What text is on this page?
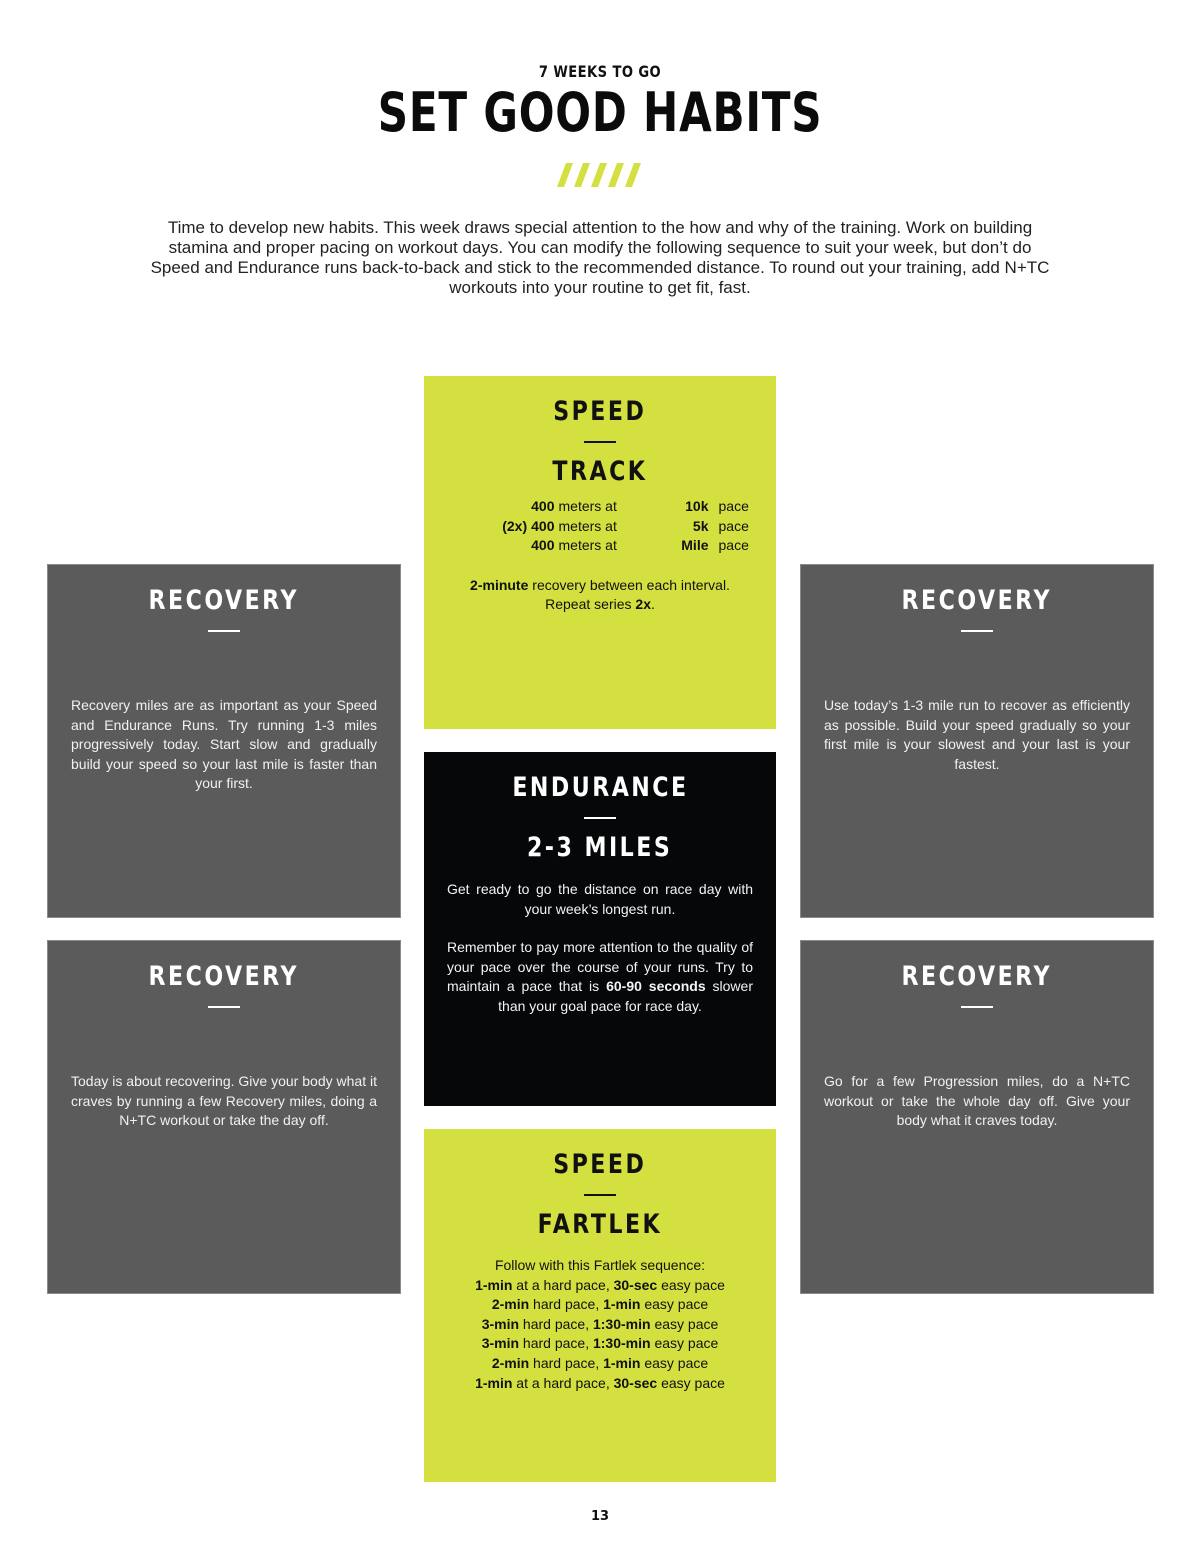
7 WEEKS TO GO
SET GOOD HABITS
Time to develop new habits. This week draws special attention to the how and why of the training. Work on building stamina and proper pacing on workout days. You can modify the following sequence to suit your week, but don’t do Speed and Endurance runs back-to-back and stick to the recommended distance. To round out your training, add N+TC workouts into your routine to get fit, fast.
SPEED
TRACK
	400	meters at	10k	pace
(2x)	400	meters at	5k	pace
	400	meters at	Mile	pace
2-minute recovery between each interval.
Repeat series 2x.
RECOVERY
Recovery miles are as important as your Speed and Endurance Runs. Try running 1-3 miles progressively today. Start slow and gradually build your speed so your last mile is faster than your first.
RECOVERY
Use today’s 1-3 mile run to recover as efficiently as possible. Build your speed gradually so your first mile is your slowest and your last is your fastest.
ENDURANCE
2-3 MILES
Get ready to go the distance on race day with your week’s longest run.
Remember to pay more attention to the quality of your pace over the course of your runs. Try to maintain a pace that is 60-90 seconds slower than your goal pace for race day.
RECOVERY
Today is about recovering. Give your body what it craves by running a few Recovery miles, doing a N+TC workout or take the day off.
RECOVERY
Go for a few Progression miles, do a N+TC workout or take the whole day off. Give your body what it craves today.
SPEED
FARTLEK
Follow with this Fartlek sequence:
1-min at a hard pace, 30-sec easy pace
2-min hard pace, 1-min easy pace
3-min hard pace, 1:30-min easy pace
3-min hard pace, 1:30-min easy pace
2-min hard pace, 1-min easy pace
1-min at a hard pace, 30-sec easy pace
13
